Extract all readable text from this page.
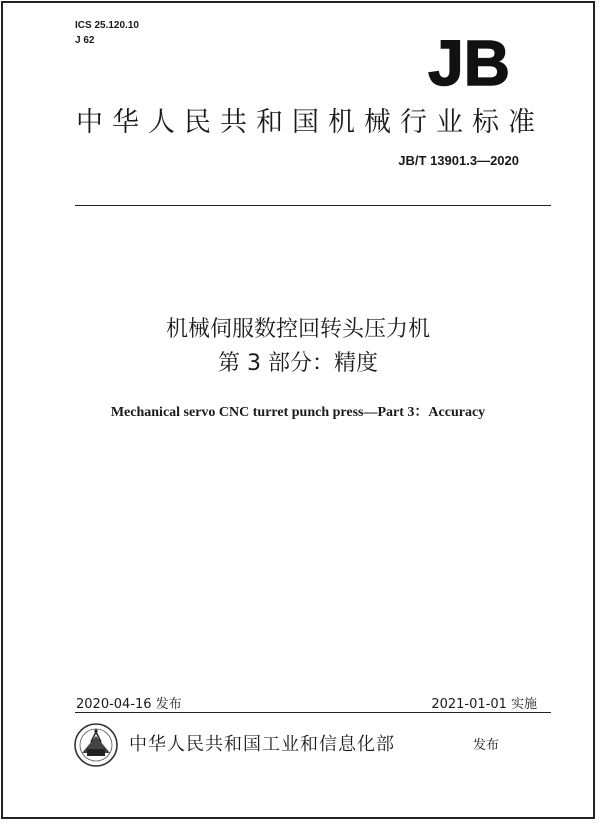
ICS 25.120.10
J 62	JB
中华人民共和国机械行业标准
JB/T 13901.3—2020
机械伺服数控回转头压力机
第 3 部分：精度
Mechanical servo CNC turret punch press—Part 3：Accuracy
2020-04-16 发布	2021-01-01 实施
中华人民共和国工业和信息化部	发布
